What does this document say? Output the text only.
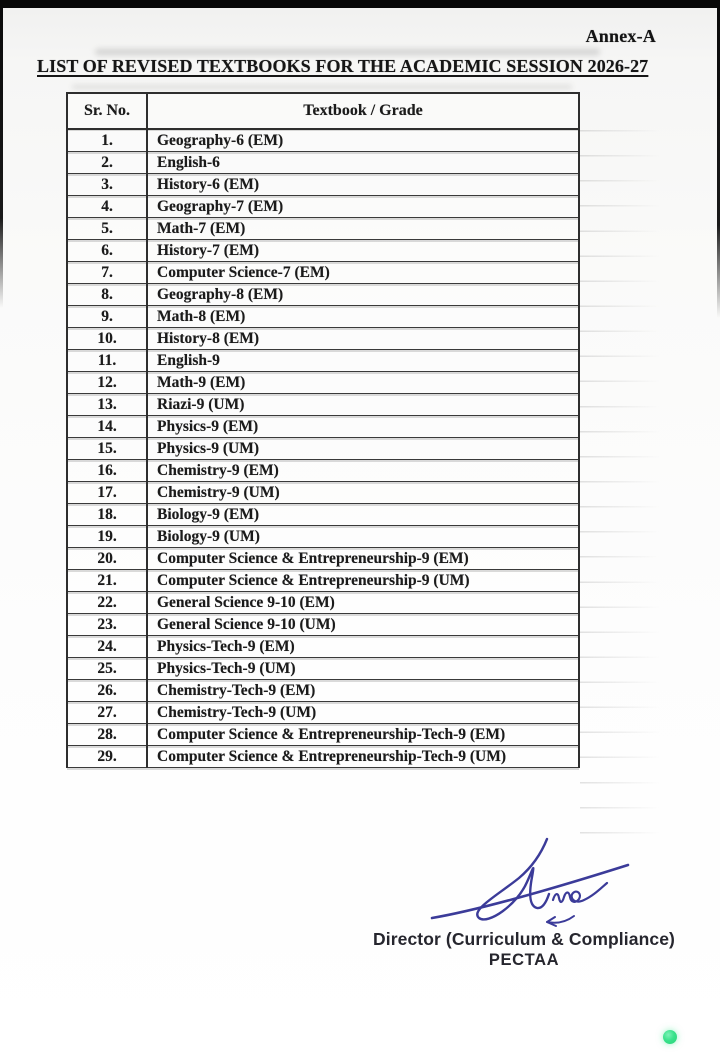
Annex-A
LIST OF REVISED TEXTBOOKS FOR THE ACADEMIC SESSION 2026-27
Sr. No.	Textbook / Grade
1.	Geography-6 (EM)
2.	English-6
3.	History-6 (EM)
4.	Geography-7 (EM)
5.	Math-7 (EM)
6.	History-7 (EM)
7.	Computer Science-7 (EM)
8.	Geography-8 (EM)
9.	Math-8 (EM)
10.	History-8 (EM)
11.	English-9
12.	Math-9 (EM)
13.	Riazi-9 (UM)
14.	Physics-9 (EM)
15.	Physics-9 (UM)
16.	Chemistry-9 (EM)
17.	Chemistry-9 (UM)
18.	Biology-9 (EM)
19.	Biology-9 (UM)
20.	Computer Science & Entrepreneurship-9 (EM)
21.	Computer Science & Entrepreneurship-9 (UM)
22.	General Science 9-10 (EM)
23.	General Science 9-10 (UM)
24.	Physics-Tech-9 (EM)
25.	Physics-Tech-9 (UM)
26.	Chemistry-Tech-9 (EM)
27.	Chemistry-Tech-9 (UM)
28.	Computer Science & Entrepreneurship-Tech-9 (EM)
29.	Computer Science & Entrepreneurship-Tech-9 (UM)
Director (Curriculum & Compliance)
PECTAA
